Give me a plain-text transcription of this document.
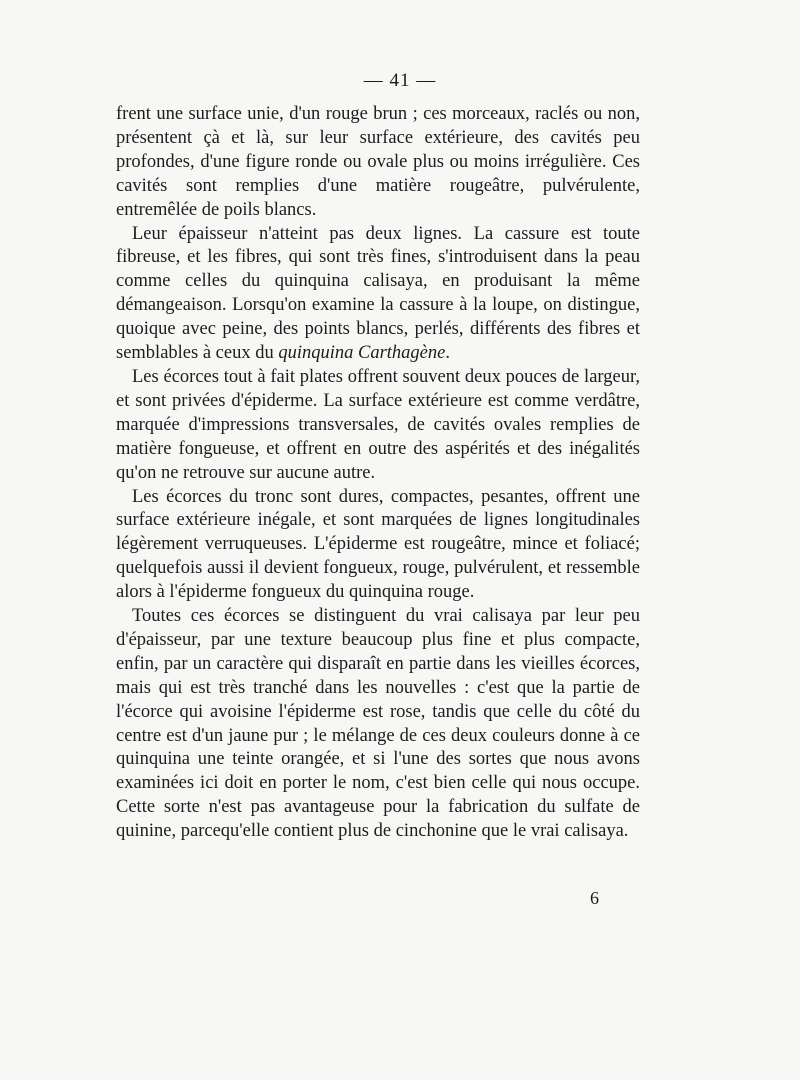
— 41 —

frent une surface unie, d'un rouge brun ; ces morceaux, raclés ou non, présentent çà et là, sur leur surface extérieure, des cavités peu profondes, d'une figure ronde ou ovale plus ou moins irrégulière. Ces cavités sont remplies d'une matière rougeâtre, pulvérulente, entremêlée de poils blancs.

Leur épaisseur n'atteint pas deux lignes. La cassure est toute fibreuse, et les fibres, qui sont très fines, s'introduisent dans la peau comme celles du quinquina calisaya, en produisant la même démangeaison. Lorsqu'on examine la cassure à la loupe, on distingue, quoique avec peine, des points blancs, perlés, différents des fibres et semblables à ceux du quinquina Carthagène.

Les écorces tout à fait plates offrent souvent deux pouces de largeur, et sont privées d'épiderme. La surface extérieure est comme verdâtre, marquée d'impressions transversales, de cavités ovales remplies de matière fongueuse, et offrent en outre des aspérités et des inégalités qu'on ne retrouve sur aucune autre.

Les écorces du tronc sont dures, compactes, pesantes, offrent une surface extérieure inégale, et sont marquées de lignes longitudinales légèrement verruqueuses. L'épiderme est rougeâtre, mince et foliacé; quelquefois aussi il devient fongueux, rouge, pulvérulent, et ressemble alors à l'épiderme fongueux du quinquina rouge.

Toutes ces écorces se distinguent du vrai calisaya par leur peu d'épaisseur, par une texture beaucoup plus fine et plus compacte, enfin, par un caractère qui disparaît en partie dans les vieilles écorces, mais qui est très tranché dans les nouvelles : c'est que la partie de l'écorce qui avoisine l'épiderme est rose, tandis que celle du côté du centre est d'un jaune pur ; le mélange de ces deux couleurs donne à ce quinquina une teinte orangée, et si l'une des sortes que nous avons examinées ici doit en porter le nom, c'est bien celle qui nous occupe. Cette sorte n'est pas avantageuse pour la fabrication du sulfate de quinine, parcequ'elle contient plus de cinchonine que le vrai calisaya.

6
